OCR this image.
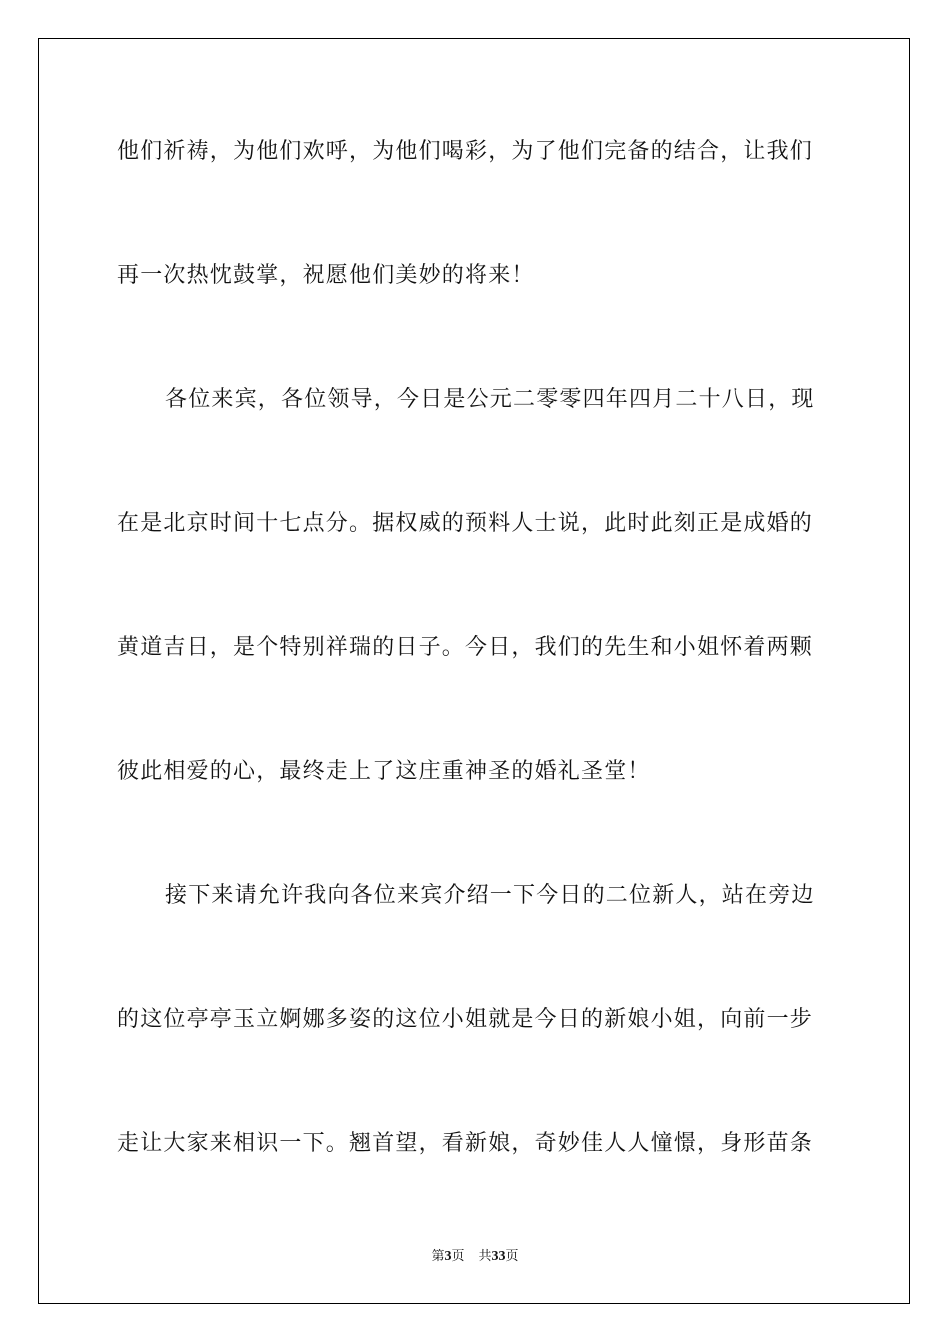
他们祈祷，为他们欢呼，为他们喝彩，为了他们完备的结合，让我们
再一次热忱鼓掌，祝愿他们美妙的将来！
各位来宾，各位领导，今日是公元二零零四年四月二十八日，现
在是北京时间十七点分。据权威的预料人士说，此时此刻正是成婚的
黄道吉日，是个特别祥瑞的日子。今日，我们的先生和小姐怀着两颗
彼此相爱的心，最终走上了这庄重神圣的婚礼圣堂！
接下来请允许我向各位来宾介绍一下今日的二位新人，站在旁边
的这位亭亭玉立婀娜多姿的这位小姐就是今日的新娘小姐，向前一步
走让大家来相识一下。翘首望，看新娘，奇妙佳人人憧憬，身形苗条
第3页 共33页
